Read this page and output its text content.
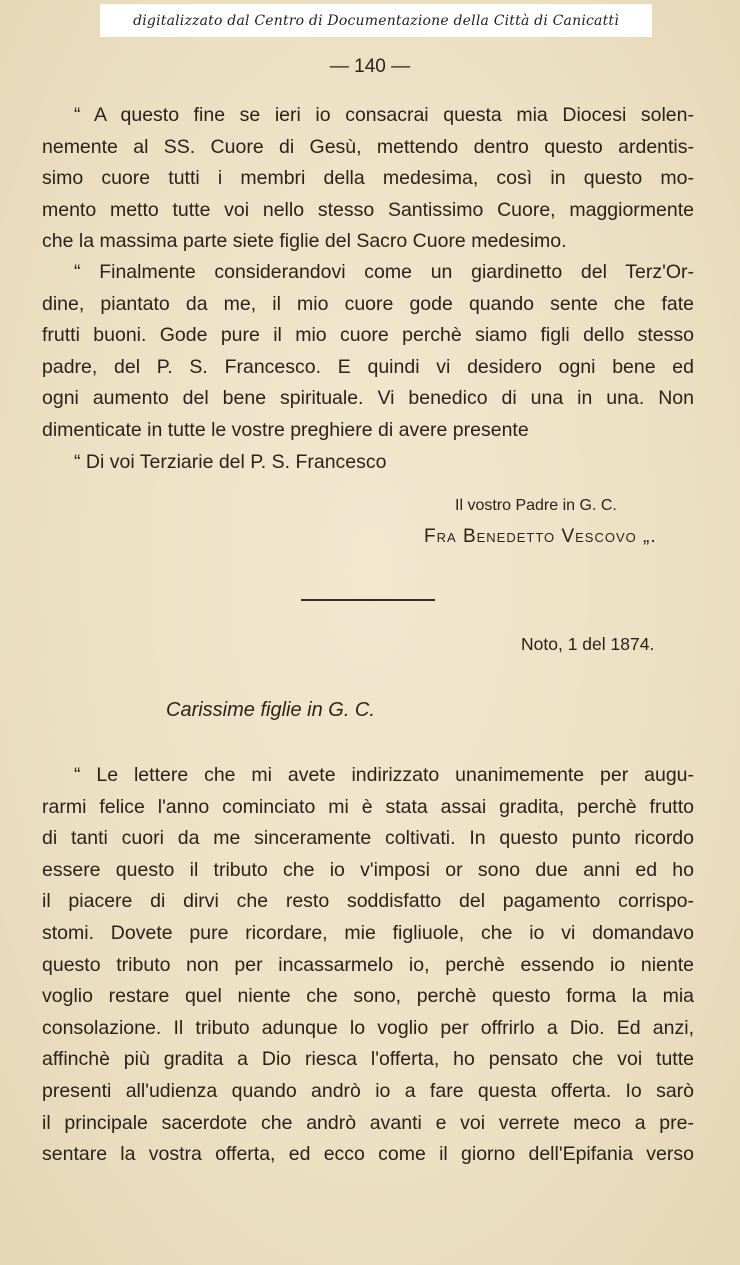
digitalizzato dal Centro di Documentazione della Città di Canicattì
— 140 —
“ A questo fine se ieri io consacrai questa mia Diocesi solen-
nemente al SS. Cuore di Gesù, mettendo dentro questo ardentis-
simo cuore tutti i membri della medesima, così in questo mo-
mento metto tutte voi nello stesso Santissimo Cuore, maggiormente
che la massima parte siete figlie del Sacro Cuore medesimo.
“ Finalmente considerandovi come un giardinetto del Terz'Or-
dine, piantato da me, il mio cuore gode quando sente che fate
frutti buoni. Gode pure il mio cuore perchè siamo figli dello stesso
padre, del P. S. Francesco. E quindi vi desidero ogni bene ed
ogni aumento del bene spirituale. Vi benedico di una in una. Non
dimenticate in tutte le vostre preghiere di avere presente
“ Di voi Terziarie del P. S. Francesco
Il vostro Padre in G. C.
Fra Benedetto Vescovo „.
Noto, 1 del 1874.
Carissime figlie in G. C.
“ Le lettere che mi avete indirizzato unanimemente per augu-
rarmi felice l'anno cominciato mi è stata assai gradita, perchè frutto
di tanti cuori da me sinceramente coltivati. In questo punto ricordo
essere questo il tributo che io v'imposi or sono due anni ed ho
il piacere di dirvi che resto soddisfatto del pagamento corrispo-
stomi. Dovete pure ricordare, mie figliuole, che io vi domandavo
questo tributo non per incassarmelo io, perchè essendo io niente
voglio restare quel niente che sono, perchè questo forma la mia
consolazione. Il tributo adunque lo voglio per offrirlo a Dio. Ed anzi,
affinchè più gradita a Dio riesca l'offerta, ho pensato che voi tutte
presenti all'udienza quando andrò io a fare questa offerta. Io sarò
il principale sacerdote che andrò avanti e voi verrete meco a pre-
sentare la vostra offerta, ed ecco come il giorno dell'Epifania verso
